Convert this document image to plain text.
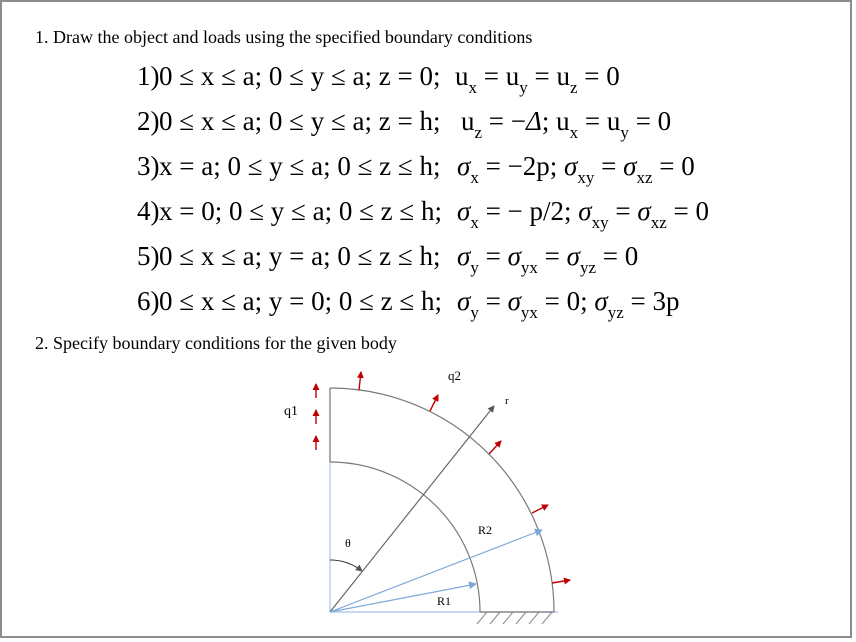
1. Draw the object and loads using the specified boundary conditions
1)0 ≤ x ≤ a; 0 ≤ y ≤ a; z = 0; $u_x = u_y = u_z = 0$
2)0 ≤ x ≤ a; 0 ≤ y ≤ a; z = h; $u_z = -\Delta$; $u_x = u_y = 0$
3)x = a; 0 ≤ y ≤ a; 0 ≤ z ≤ h; $\sigma_x = -2p$; $\sigma_{xy} = \sigma_{xz} = 0$
4)x = 0; 0 ≤ y ≤ a; 0 ≤ z ≤ h; $\sigma_x$ = − p/2; $\sigma_{xy} = \sigma_{xz} = 0$
5)0 ≤ x ≤ a; y = a; 0 ≤ z ≤ h; $\sigma_y = \sigma_{yx} = \sigma_{yz} = 0$
6)0 ≤ x ≤ a; y = 0; 0 ≤ z ≤ h; $\sigma_y = \sigma_{yx} = 0$; $\sigma_{yz} = 3p$
2. Specify boundary conditions for the given body
q1
q2
r
θ
R2
R1
